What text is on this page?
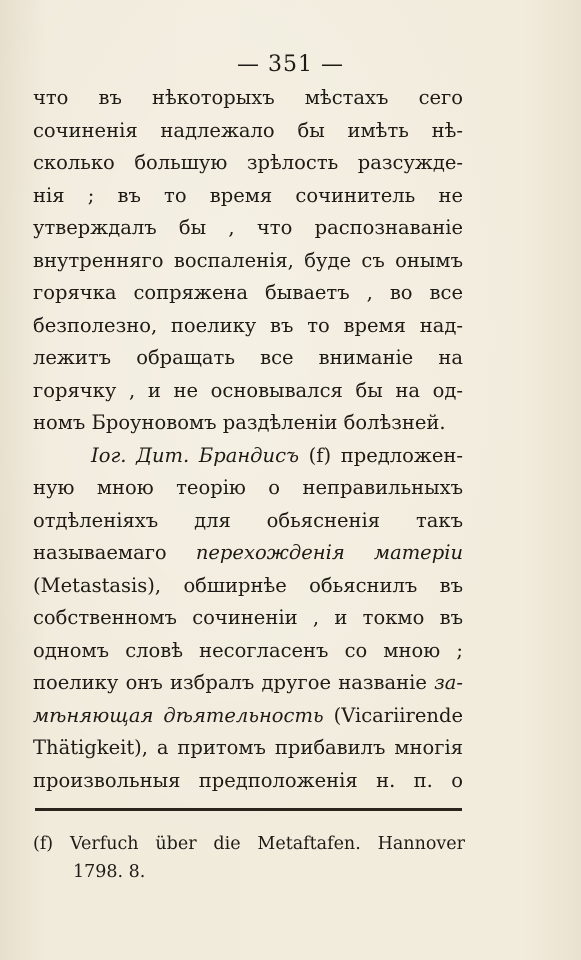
— 351 —
что въ нѣкоторыхъ мѣстахъ сего
сочиненія надлежало бы имѣть нѣ-
сколько большую зрѣлость разсужде-
нія ; въ то время сочинитель не
утверждалъ бы , что распознаваніе
внутренняго воспаленія, буде съ онымъ
горячка сопряжена бываетъ , во все
безполезно, поелику въ то время над-
лежитъ обращать все вниманіе на
горячку , и не основывался бы на од-
номъ Броуновомъ раздѣленіи болѣзней.
Іог. Дит. Брандисъ (f) предложен-
ную мною теорію о неправильныхъ
отдѣленіяхъ для обьясненія такъ
называемаго перехожденія матеріи
(Metastasis), обширнѣе обьяснилъ въ
собственномъ сочиненіи , и токмо въ
одномъ словѣ несогласенъ со мною ;
поелику онъ избралъ другое названіе за-
мѣняющая дѣятельность (Vicariirende
Thätigkeit), а притомъ прибавилъ многія
произвольныя предположенія н. п. о
(f) Verfuch über die Metaftafen. Hannover
1798. 8.
